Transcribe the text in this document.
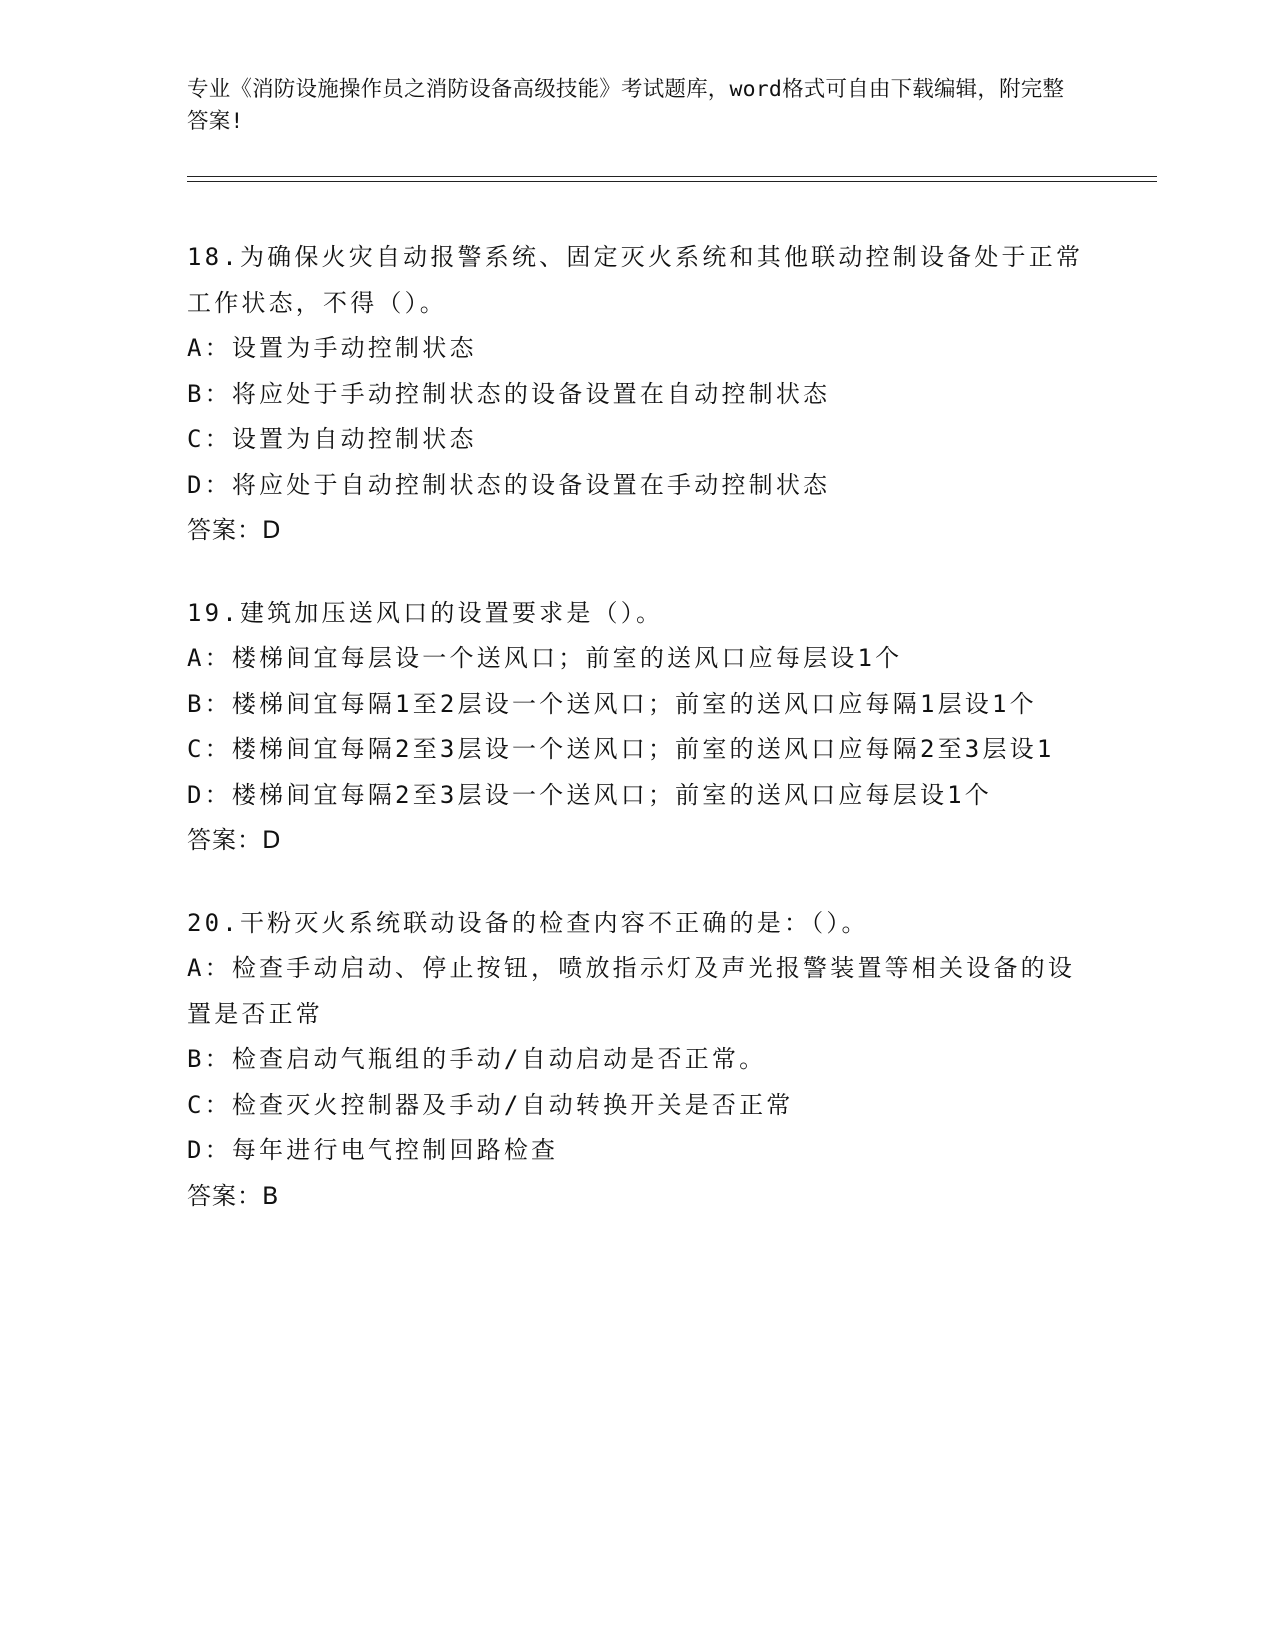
专业《消防设施操作员之消防设备高级技能》考试题库，word格式可自由下载编辑，附完整答案!
18.为确保火灾自动报警系统、固定灭火系统和其他联动控制设备处于正常工作状态，不得（）。
A：设置为手动控制状态
B：将应处于手动控制状态的设备设置在自动控制状态
C：设置为自动控制状态
D：将应处于自动控制状态的设备设置在手动控制状态
答案：D
19.建筑加压送风口的设置要求是（）。
A：楼梯间宜每层设一个送风口；前室的送风口应每层设1个
B：楼梯间宜每隔1至2层设一个送风口；前室的送风口应每隔1层设1个
C：楼梯间宜每隔2至3层设一个送风口；前室的送风口应每隔2至3层设1
D：楼梯间宜每隔2至3层设一个送风口；前室的送风口应每层设1个
答案：D
20.干粉灭火系统联动设备的检查内容不正确的是：（）。
A：检查手动启动、停止按钮，喷放指示灯及声光报警装置等相关设备的设置是否正常
B：检查启动气瓶组的手动/自动启动是否正常。
C：检查灭火控制器及手动/自动转换开关是否正常
D：每年进行电气控制回路检查
答案：B
